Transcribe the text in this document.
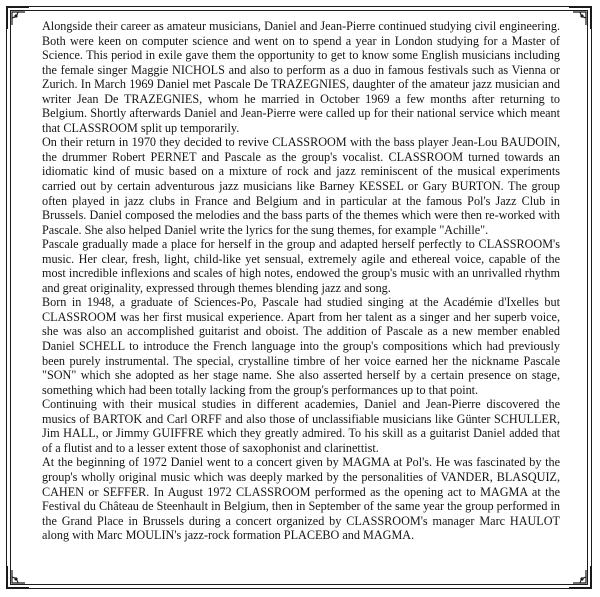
Alongside their career as amateur musicians, Daniel and Jean-Pierre continued studying civil engineering. Both were keen on computer science and went on to spend a year in London studying for a Master of Science. This period in exile gave them the opportunity to get to know some English musicians including the female singer Maggie NICHOLS and also to perform as a duo in famous festivals such as Vienna or Zurich. In March 1969 Daniel met Pascale De TRAZEGNIES, daughter of the amateur jazz musician and writer Jean De TRAZEGNIES, whom he married in October 1969 a few months after returning to Belgium. Shortly afterwards Daniel and Jean-Pierre were called up for their national service which meant that CLASSROOM split up temporarily.

On their return in 1970 they decided to revive CLASSROOM with the bass player Jean-Lou BAUDOIN, the drummer Robert PERNET and Pascale as the group's vocalist. CLASSROOM turned towards an idiomatic kind of music based on a mixture of rock and jazz reminiscent of the musical experiments carried out by certain adventurous jazz musicians like Barney KESSEL or Gary BURTON. The group often played in jazz clubs in France and Belgium and in particular at the famous Pol's Jazz Club in Brussels. Daniel composed the melodies and the bass parts of the themes which were then re-worked with Pascale. She also helped Daniel write the lyrics for the sung themes, for example "Achille".

Pascale gradually made a place for herself in the group and adapted herself perfectly to CLASSROOM's music. Her clear, fresh, light, child-like yet sensual, extremely agile and ethereal voice, capable of the most incredible inflexions and scales of high notes, endowed the group's music with an unrivalled rhythm and great originality, expressed through themes blending jazz and song.

Born in 1948, a graduate of Sciences-Po, Pascale had studied singing at the Académie d'Ixelles but CLASSROOM was her first musical experience. Apart from her talent as a singer and her superb voice, she was also an accomplished guitarist and oboist. The addition of Pascale as a new member enabled Daniel SCHELL to introduce the French language into the group's compositions which had previously been purely instrumental. The special, crystalline timbre of her voice earned her the nickname Pascale "SON" which she adopted as her stage name. She also asserted herself by a certain presence on stage, something which had been totally lacking from the group's performances up to that point.

Continuing with their musical studies in different academies, Daniel and Jean-Pierre discovered the musics of BARTOK and Carl ORFF and also those of unclassifiable musicians like Günter SCHULLER, Jim HALL, or Jimmy GUIFFRE which they greatly admired. To his skill as a guitarist Daniel added that of a flutist and to a lesser extent those of saxophonist and clarinettist.

At the beginning of 1972 Daniel went to a concert given by MAGMA at Pol's. He was fascinated by the group's wholly original music which was deeply marked by the personalities of VANDER, BLASQUIZ, CAHEN or SEFFER. In August 1972 CLASSROOM performed as the opening act to MAGMA at the Festival du Château de Steenhault in Belgium, then in September of the same year the group performed in the Grand Place in Brussels during a concert organized by CLASSROOM's manager Marc HAULOT along with Marc MOULIN's jazz-rock formation PLACEBO and MAGMA.
